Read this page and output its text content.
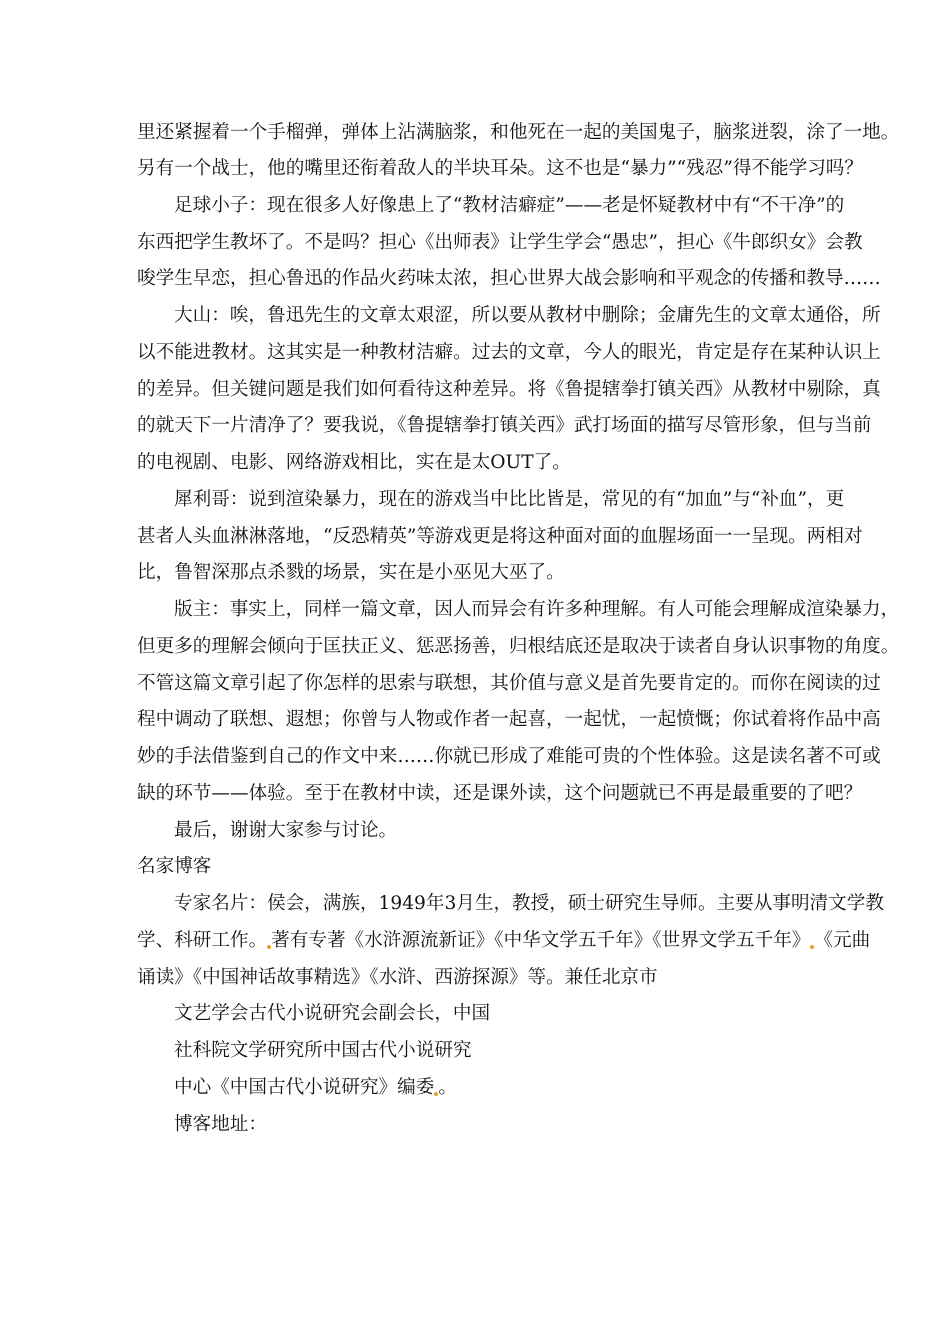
里还紧握着一个手榴弹，弹体上沾满脑浆，和他死在一起的美国鬼子，脑浆迸裂，涂了一地。
另有一个战士，他的嘴里还衔着敌人的半块耳朵。这不也是“暴力”“残忍”得不能学习吗？
足球小子：现在很多人好像患上了“教材洁癖症”——老是怀疑教材中有“不干净”的
东西把学生教坏了。不是吗？担心《出师表》让学生学会“愚忠”，担心《牛郎织女》会教
唆学生早恋，担心鲁迅的作品火药味太浓，担心世界大战会影响和平观念的传播和教导……
大山：唉，鲁迅先生的文章太艰涩，所以要从教材中删除；金庸先生的文章太通俗，所
以不能进教材。这其实是一种教材洁癖。过去的文章，今人的眼光，肯定是存在某种认识上
的差异。但关键问题是我们如何看待这种差异。将《鲁提辖拳打镇关西》从教材中剔除，真
的就天下一片清净了？要我说，《鲁提辖拳打镇关西》武打场面的描写尽管形象，但与当前
的电视剧、电影、网络游戏相比，实在是太OUT了。
犀利哥：说到渲染暴力，现在的游戏当中比比皆是，常见的有“加血”与“补血”，更
甚者人头血淋淋落地，“反恐精英”等游戏更是将这种面对面的血腥场面一一呈现。两相对
比，鲁智深那点杀戮的场景，实在是小巫见大巫了。
版主：事实上，同样一篇文章，因人而异会有许多种理解。有人可能会理解成渲染暴力，
但更多的理解会倾向于匡扶正义、惩恶扬善，归根结底还是取决于读者自身认识事物的角度。
不管这篇文章引起了你怎样的思索与联想，其价值与意义是首先要肯定的。而你在阅读的过
程中调动了联想、遐想；你曾与人物或作者一起喜，一起忧，一起愤慨；你试着将作品中高
妙的手法借鉴到自己的作文中来……你就已形成了难能可贵的个性体验。这是读名著不可或
缺的环节——体验。至于在教材中读，还是课外读，这个问题就已不再是最重要的了吧？
最后，谢谢大家参与讨论。
名家博客
专家名片：侯会，满族，1949年3月生，教授，硕士研究生导师。主要从事明清文学教
学、科研工作。 著有专著《水浒源流新证》《中华文学五千年》《世界文学五千年》 《元曲
诵读》《中国神话故事精选》《水浒、西游探源》等。兼任北京市
文艺学会古代小说研究会副会长，中国
社科院文学研究所中国古代小说研究
中心《中国古代小说研究》编委 。
博客地址：
